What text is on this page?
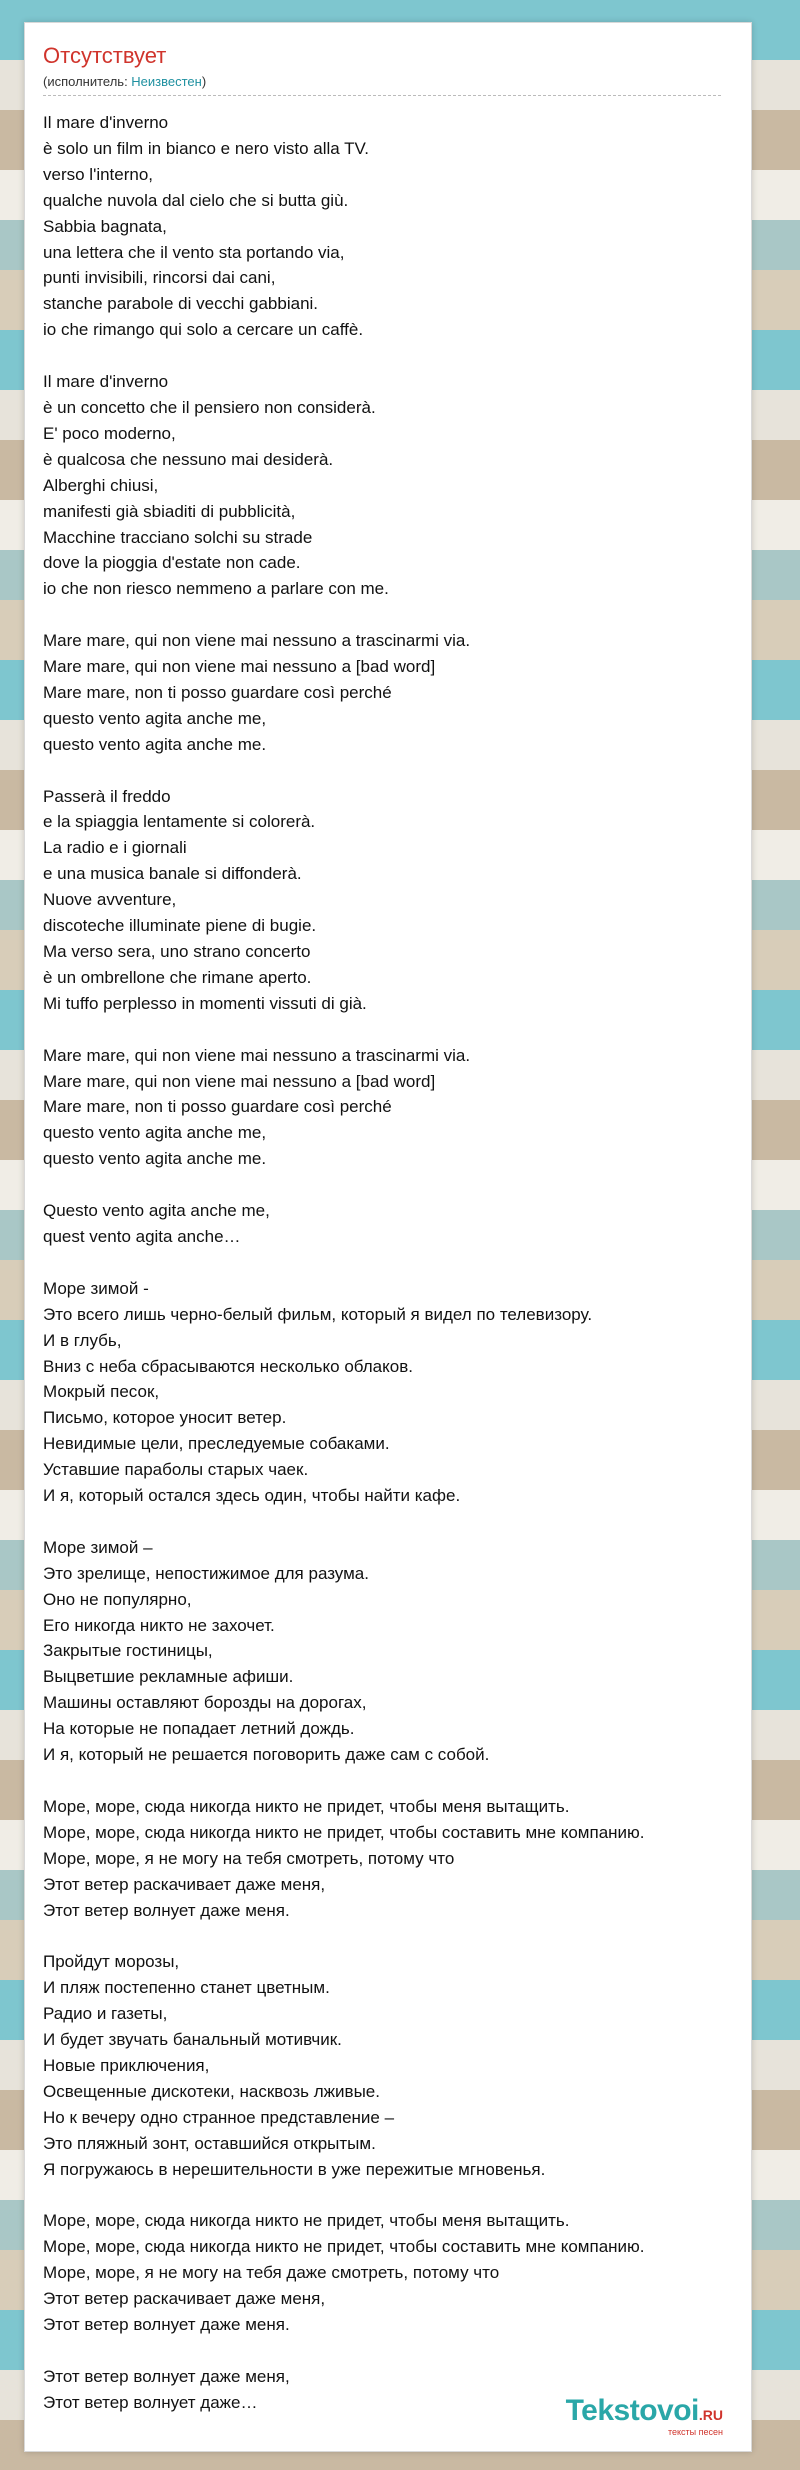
Отсутствует
(исполнитель: Неизвестен)
Il mare d'inverno
è solo un film in bianco e nero visto alla TV.
verso l'interno,
qualche nuvola dal cielo che si butta giù.
Sabbia bagnata,
una lettera che il vento sta portando via,
punti invisibili, rincorsi dai cani,
stanche parabole di vecchi gabbiani.
io che rimango qui solo a cercare un caffè.

Il mare d'inverno
è un concetto che il pensiero non considerà.
E' poco moderno,
è qualcosa che nessuno mai desiderà.
Alberghi chiusi,
manifesti già sbiaditi di pubblicità,
Macchine tracciano solchi su strade
dove la pioggia d'estate non cade.
io che non riesco nemmeno a parlare con me.

Mare mare, qui non viene mai nessuno a trascinarmi via.
Mare mare, qui non viene mai nessuno a [bad word]
Mare mare, non ti posso guardare così perché
questo vento agita anche me,
questo vento agita anche me.

Passerà il freddo
e la spiaggia lentamente si colorerà.
La radio e i giornali
e una musica banale si diffonderà.
Nuove avventure,
discoteche illuminate piene di bugie.
Ma verso sera, uno strano concerto
è un ombrellone che rimane aperto.
Mi tuffo perplesso in momenti vissuti di già.

Mare mare, qui non viene mai nessuno a trascinarmi via.
Mare mare, qui non viene mai nessuno a [bad word]
Mare mare, non ti posso guardare così perché
questo vento agita anche me,
questo vento agita anche me.

Questo vento agita anche me,
quest vento agita anche…

Море зимой -
Это всего лишь черно-белый фильм, который я видел по телевизору.
И в глубь,
Вниз с неба сбрасываются несколько облаков.
Мокрый песок,
Письмо, которое уносит ветер.
Невидимые цели, преследуемые собаками.
Уставшие параболы старых чаек.
И я, который остался здесь один, чтобы найти кафе.

Море зимой –
Это зрелище, непостижимое для разума.
Оно не популярно,
Его никогда никто не захочет.
Закрытые гостиницы,
Выцветшие рекламные афиши.
Машины оставляют борозды на дорогах,
На которые не попадает летний дождь.
И я, который не решается поговорить даже сам с собой.

Море, море, сюда никогда никто не придет, чтобы меня вытащить.
Море, море, сюда никогда никто не придет, чтобы составить мне компанию.
Море, море, я не могу на тебя смотреть, потому что
Этот ветер раскачивает даже меня,
Этот ветер волнует даже меня.

Пройдут морозы,
И пляж постепенно станет цветным.
Радио и газеты,
И будет звучать банальный мотивчик.
Новые приключения,
Освещенные дискотеки, насквозь лживые.
Но к вечеру одно странное представление –
Это пляжный зонт, оставшийся открытым.
Я погружаюсь в нерешительности в уже пережитые мгновенья.

Море, море, сюда никогда никто не придет, чтобы меня вытащить.
Море, море, сюда никогда никто не придет, чтобы составить мне компанию.
Море, море, я не могу на тебя даже смотреть, потому что
Этот ветер раскачивает даже меня,
Этот ветер волнует даже меня.

Этот ветер волнует даже меня,
Этот ветер волнует даже…	Tekstovoi.RU
тексты песен
